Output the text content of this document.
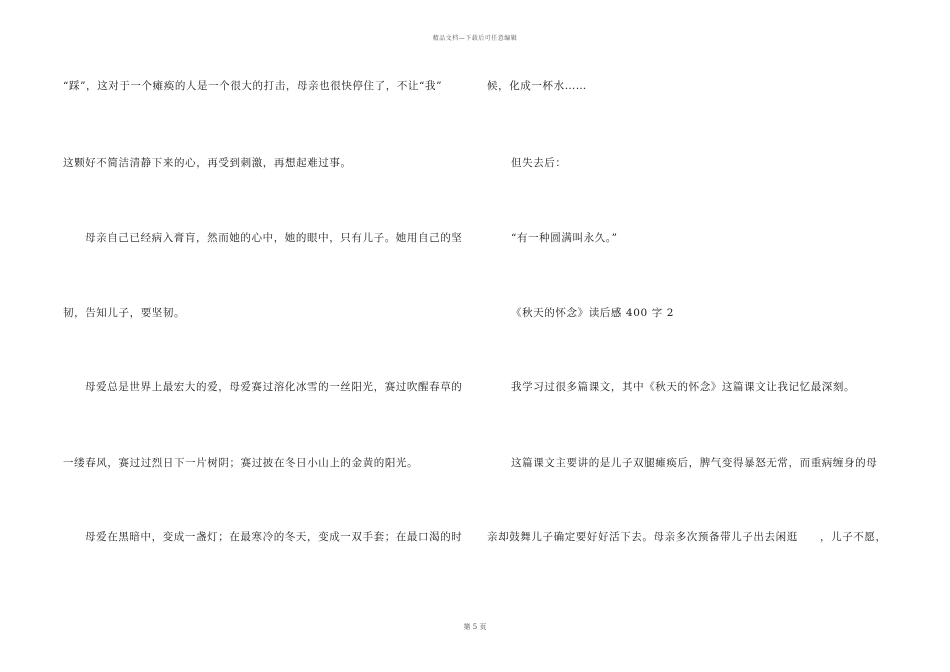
精品文档—下载后可任意编辑
“踩”，这对于一个瘫痪的人是一个很大的打击，母亲也很快停住了，不让“我”
这颗好不简洁清静下来的心，再受到刺激，再想起难过事。
母亲自己已经病入膏肓，然而她的心中，她的眼中，只有儿子。她用自己的坚
韧，告知儿子，要坚韧。
母爱总是世界上最宏大的爱，母爱赛过溶化冰雪的一丝阳光，赛过吹醒春草的
一缕春风，赛过过烈日下一片树阴；赛过披在冬日小山上的金黄的阳光。
母爱在黑暗中，变成一盏灯；在最寒冷的冬天，变成一双手套；在最口渴的时
候，化成一杯水……
但失去后：
“有一种圆满叫永久。”
《秋天的怀念》读后感 400 字 2
我学习过很多篇课文，其中《秋天的怀念》这篇课文让我记忆最深刻。
这篇课文主要讲的是儿子双腿瘫痪后，脾气变得暴怒无常，而重病缠身的母
亲却鼓舞儿子确定要好好活下去。母亲多次预备带儿子出去闲逛　　，儿子不愿，
第 5 页
